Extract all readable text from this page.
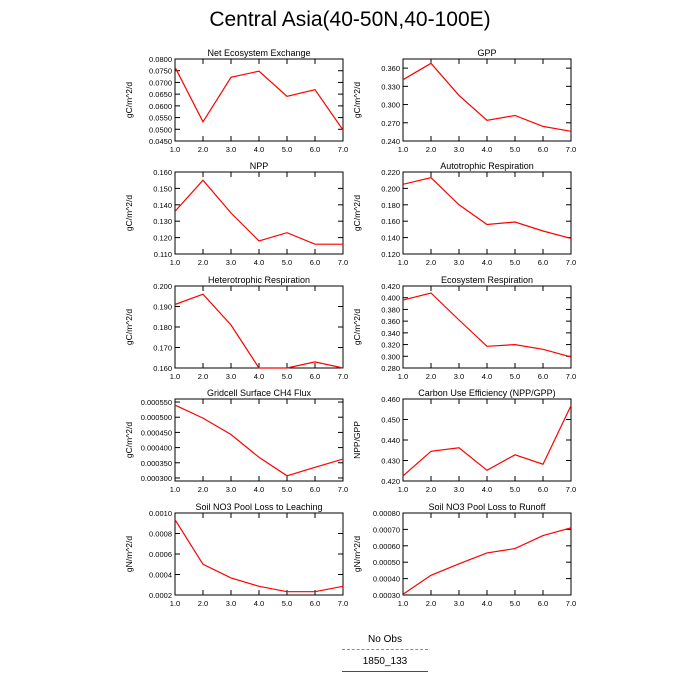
Central Asia(40-50N,40-100E)
Net Ecosystem Exchange
1.0 2.0 3.0 4.0 5.0 6.0 7.0
0.0450
0.0500
0.0550
0.0600
0.0650
0.0700
0.0750
0.0800
gC/m^2/d
GPP
1.0 2.0 3.0 4.0 5.0 6.0 7.0
0.240
0.270
0.300
0.330
0.360
gC/m^2/d
NPP
1.0 2.0 3.0 4.0 5.0 6.0 7.0
0.110
0.120
0.130
0.140
0.150
0.160
gC/m^2/d
Autotrophic Respiration
1.0 2.0 3.0 4.0 5.0 6.0 7.0
0.120
0.140
0.160
0.180
0.200
0.220
gC/m^2/d
Heterotrophic Respiration
1.0 2.0 3.0 4.0 5.0 6.0 7.0
0.160
0.170
0.180
0.190
0.200
gC/m^2/d
Ecosystem Respiration
1.0 2.0 3.0 4.0 5.0 6.0 7.0
0.280
0.300
0.320
0.340
0.360
0.380
0.400
0.420
gC/m^2/d
Gridcell Surface CH4 Flux
1.0 2.0 3.0 4.0 5.0 6.0 7.0
0.000300
0.000350
0.000400
0.000450
0.000500
0.000550
gC/m^2/d
Carbon Use Efficiency (NPP/GPP)
1.0 2.0 3.0 4.0 5.0 6.0 7.0
0.420
0.430
0.440
0.450
0.460
NPP/GPP
Soil NO3 Pool Loss to Leaching
1.0 2.0 3.0 4.0 5.0 6.0 7.0
0.0002
0.0004
0.0006
0.0008
0.0010
gN/m^2/d
Soil NO3 Pool Loss to Runoff
1.0 2.0 3.0 4.0 5.0 6.0 7.0
0.00030
0.00040
0.00050
0.00060
0.00070
0.00080
gN/m^2/d
No Obs
1850_133
